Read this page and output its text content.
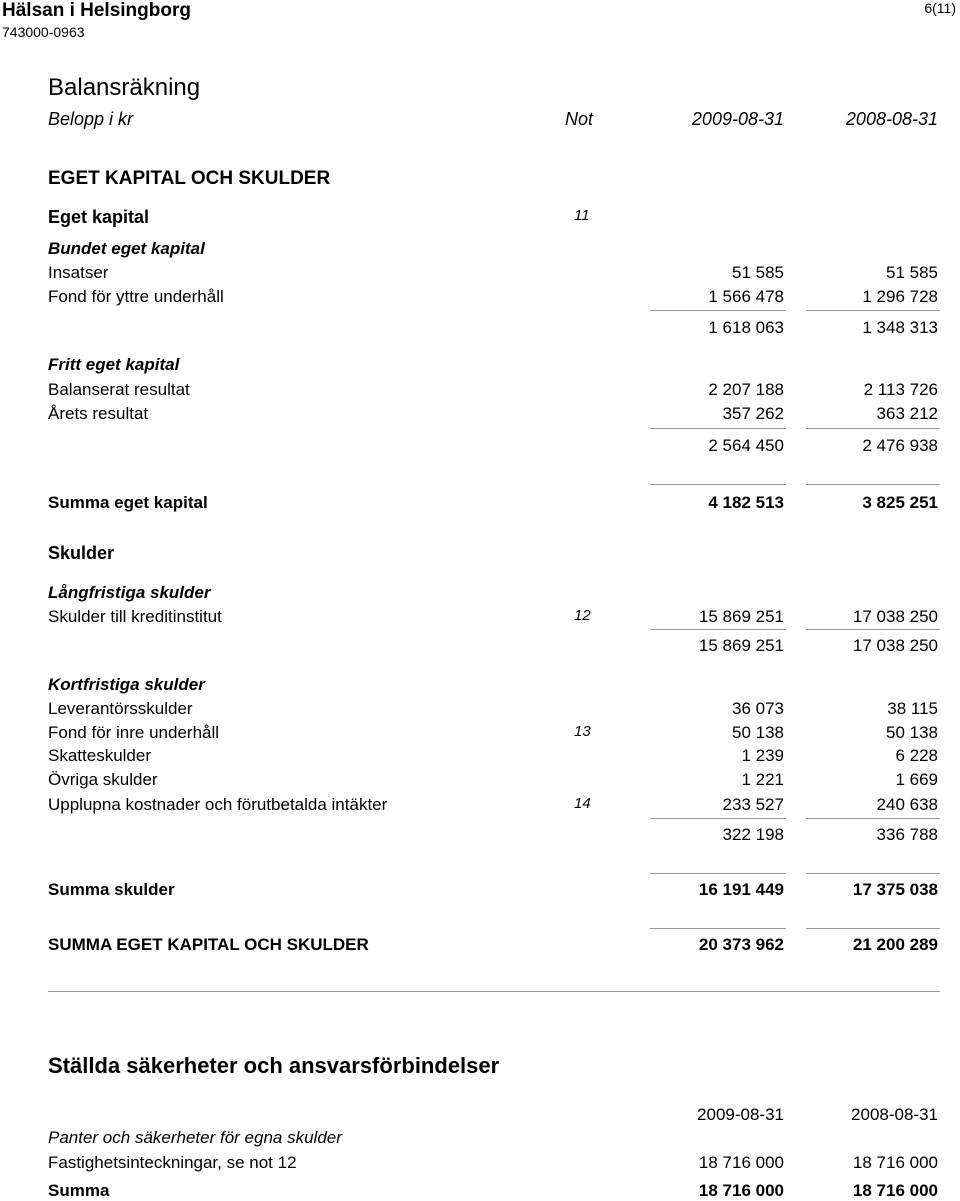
Hälsan i Helsingborg
743000-0963
6(11)
Balansräkning
Belopp i kr	Not	2009-08-31	2008-08-31
EGET KAPITAL OCH SKULDER
Eget kapital	11
Bundet eget kapital
Insatser	51 585	51 585
Fond för yttre underhåll	1 566 478	1 296 728
1 618 063	1 348 313
Fritt eget kapital
Balanserat resultat	2 207 188	2 113 726
Årets resultat	357 262	363 212
2 564 450	2 476 938
Summa eget kapital	4 182 513	3 825 251
Skulder
Långfristiga skulder
Skulder till kreditinstitut	12	15 869 251	17 038 250
15 869 251	17 038 250
Kortfristiga skulder
Leverantörsskulder	36 073	38 115
Fond för inre underhåll	13	50 138	50 138
Skatteskulder	1 239	6 228
Övriga skulder	1 221	1 669
Upplupna kostnader och förutbetalda intäkter	14	233 527	240 638
322 198	336 788
Summa skulder	16 191 449	17 375 038
SUMMA EGET KAPITAL OCH SKULDER	20 373 962	21 200 289
Ställda säkerheter och ansvarsförbindelser
2009-08-31	2008-08-31
Panter och säkerheter för egna skulder
Fastighetsinteckningar, se not 12	18 716 000	18 716 000
Summa	18 716 000	18 716 000
